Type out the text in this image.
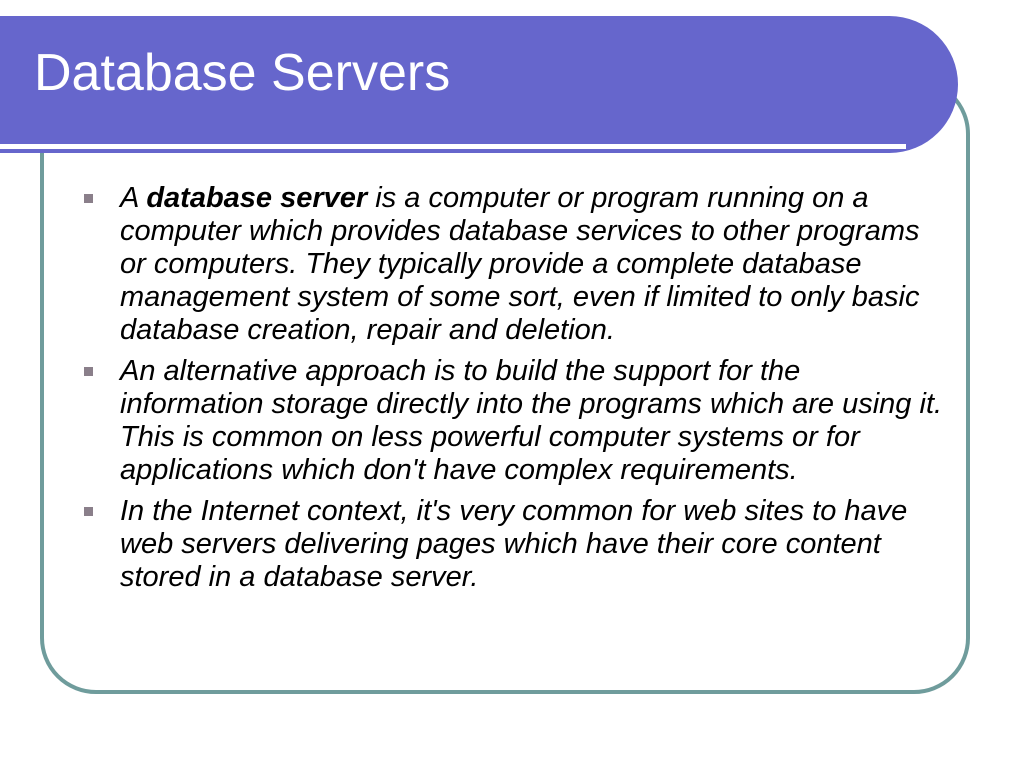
Database Servers
A database server is a computer or program running on a computer which provides database services to other programs or computers. They typically provide a complete database management system of some sort, even if limited to only basic database creation, repair and deletion.
An alternative approach is to build the support for the information storage directly into the programs which are using it. This is common on less powerful computer systems or for applications which don't have complex requirements.
In the Internet context, it's very common for web sites to have web servers delivering pages which have their core content stored in a database server.
